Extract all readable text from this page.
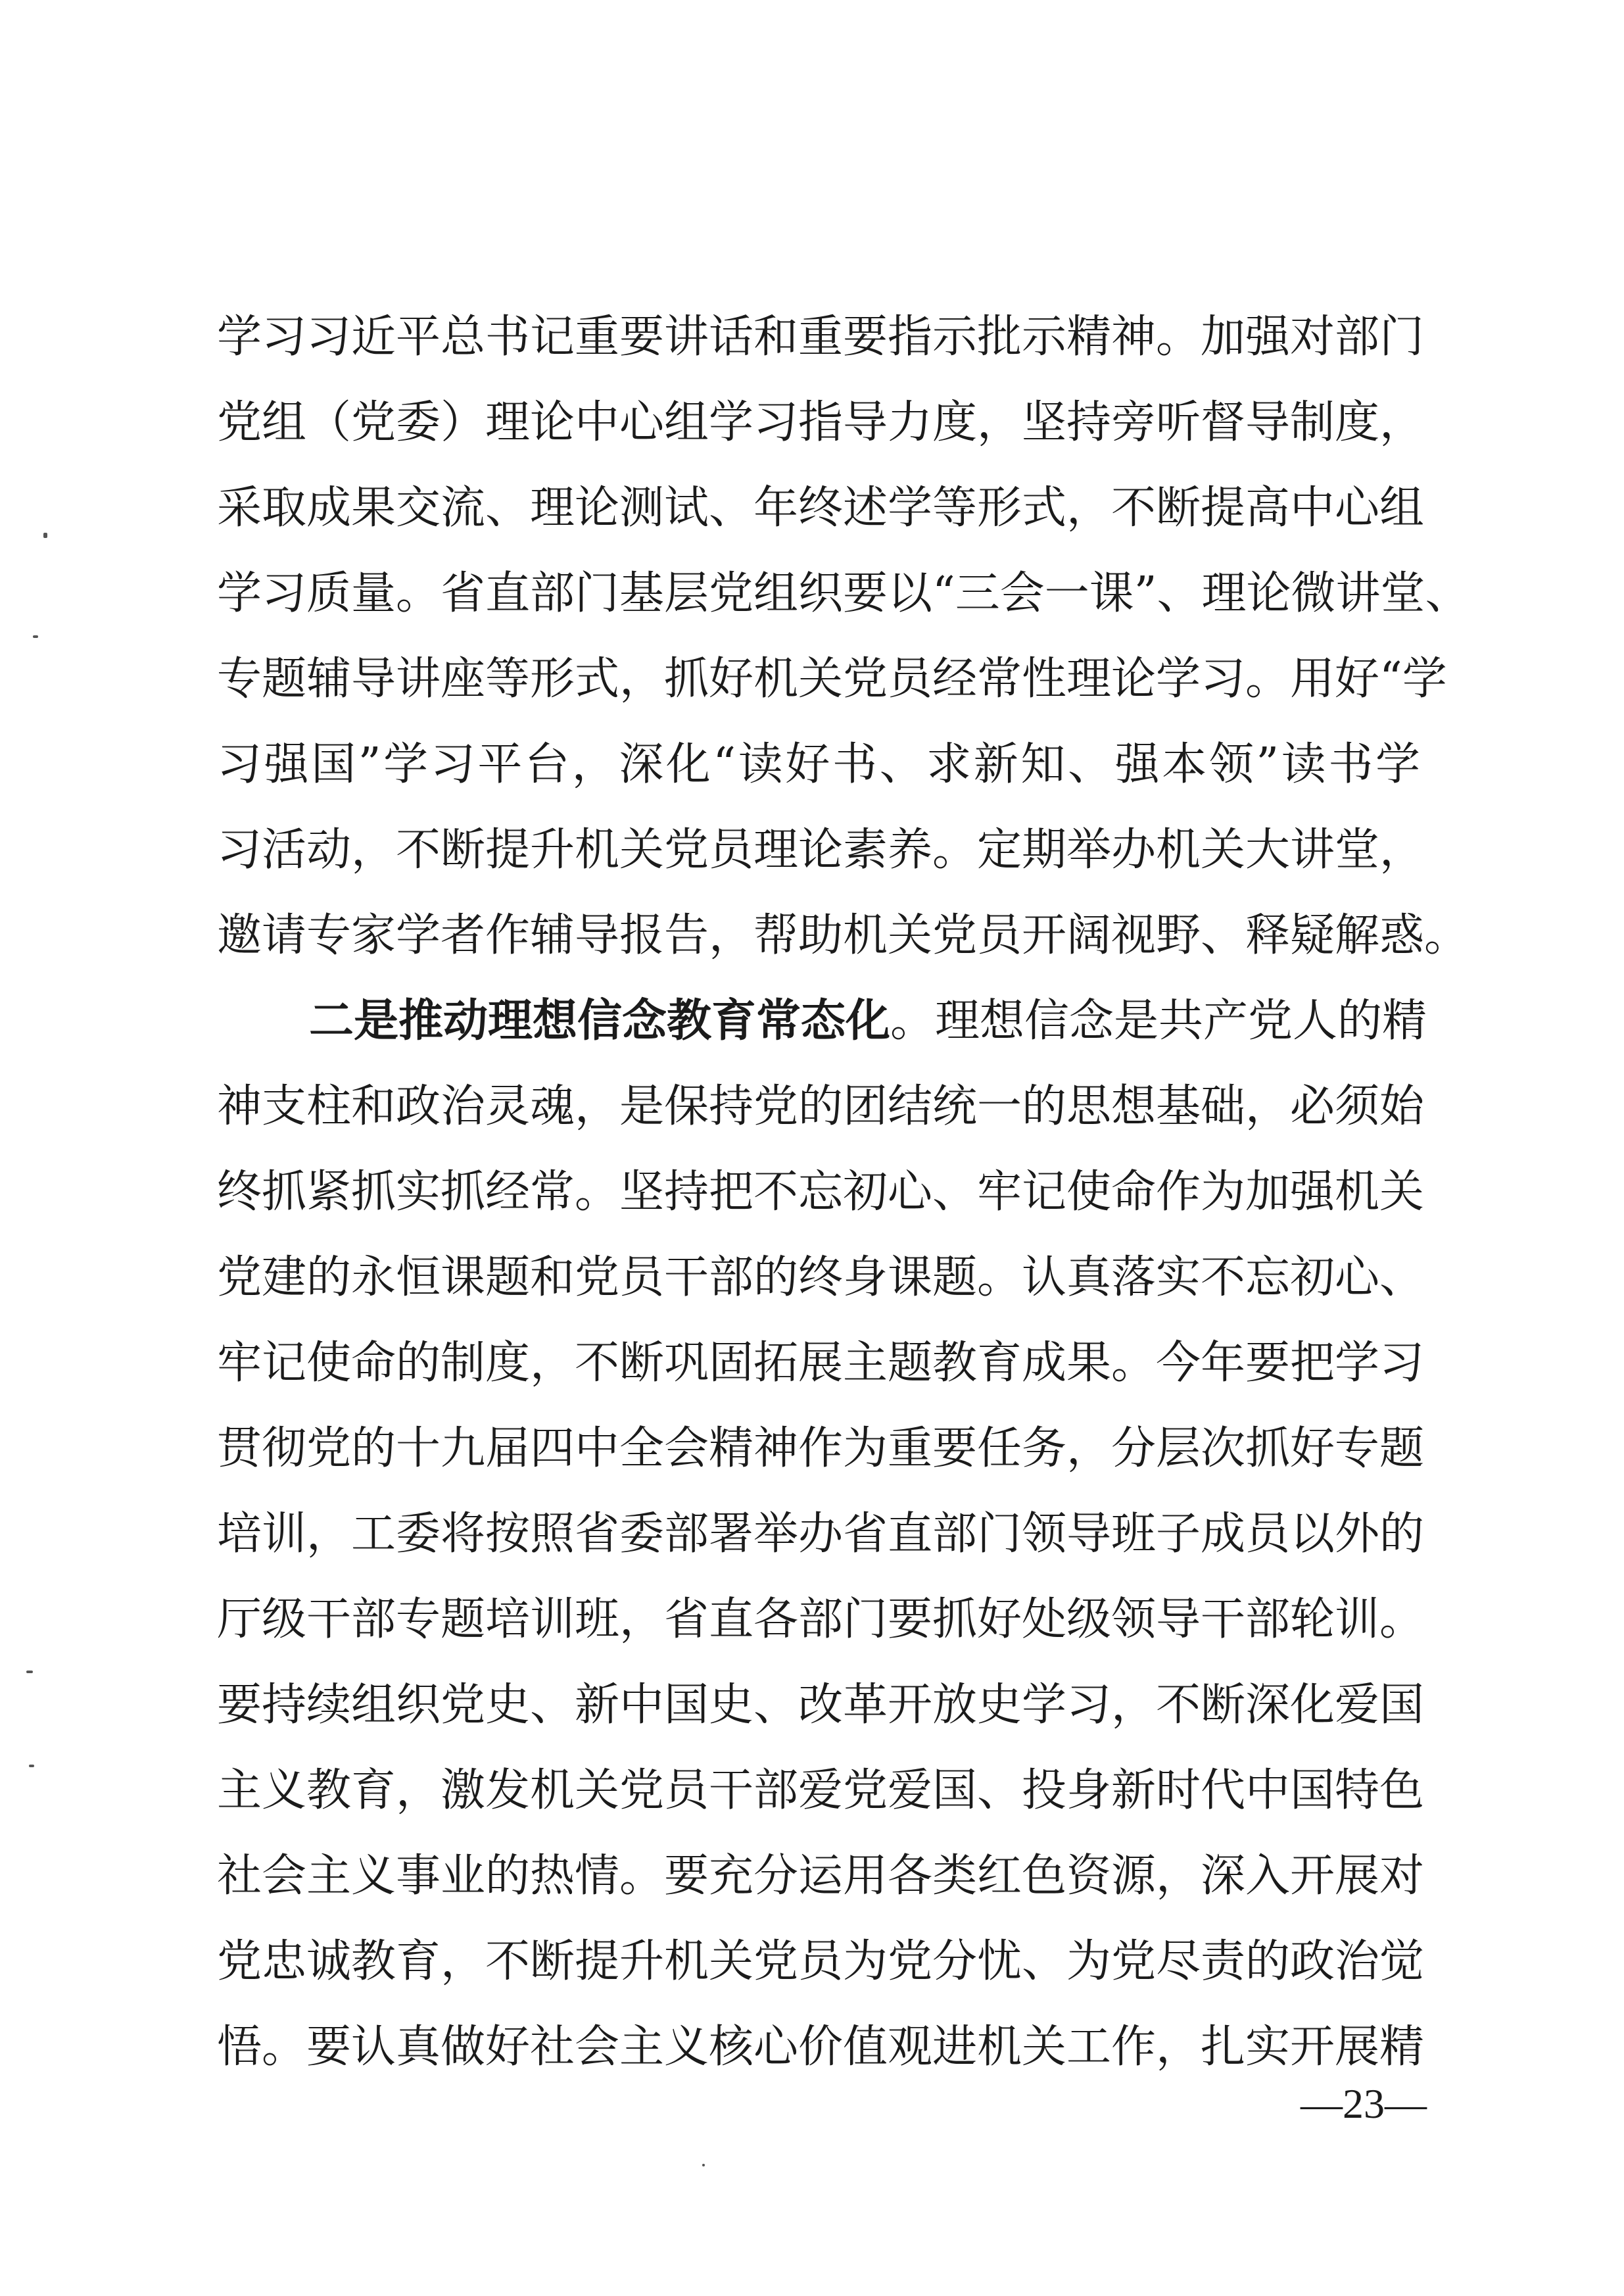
学习习近平总书记重要讲话和重要指示批示精神。加强对部门
党组（党委）理论中心组学习指导力度，坚持旁听督导制度，
采取成果交流、理论测试、年终述学等形式，不断提高中心组
学习质量。省直部门基层党组织要以“三会一课”、理论微讲堂、
专题辅导讲座等形式，抓好机关党员经常性理论学习。用好“学
习强国”学习平台，深化“读好书、求新知、强本领”读书学
习活动，不断提升机关党员理论素养。定期举办机关大讲堂，
邀请专家学者作辅导报告，帮助机关党员开阔视野、释疑解惑。
二是推动理想信念教育常态化。理想信念是共产党人的精
神支柱和政治灵魂，是保持党的团结统一的思想基础，必须始
终抓紧抓实抓经常。坚持把不忘初心、牢记使命作为加强机关
党建的永恒课题和党员干部的终身课题。认真落实不忘初心、
牢记使命的制度，不断巩固拓展主题教育成果。今年要把学习
贯彻党的十九届四中全会精神作为重要任务，分层次抓好专题
培训，工委将按照省委部署举办省直部门领导班子成员以外的
厅级干部专题培训班，省直各部门要抓好处级领导干部轮训。
要持续组织党史、新中国史、改革开放史学习，不断深化爱国
主义教育，激发机关党员干部爱党爱国、投身新时代中国特色
社会主义事业的热情。要充分运用各类红色资源，深入开展对
党忠诚教育，不断提升机关党员为党分忧、为党尽责的政治觉
悟。要认真做好社会主义核心价值观进机关工作，扎实开展精
—23—
